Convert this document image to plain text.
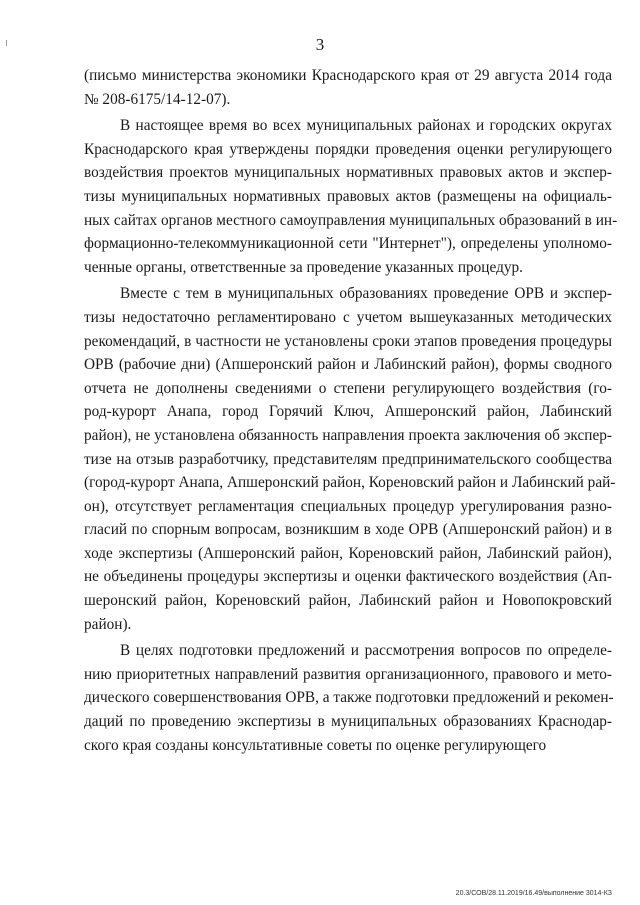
3
(письмо министерства экономики Краснодарского края от 29 августа 2014 года
№ 208-6175/14-12-07).
В настоящее время во всех муниципальных районах и городских округах
Краснодарского края утверждены порядки проведения оценки регулирующего
воздействия проектов муниципальных нормативных правовых актов и экспер-
тизы муниципальных нормативных правовых актов (размещены на официаль-
ных сайтах органов местного самоуправления муниципальных образований в ин-
формационно-телекоммуникационной сети "Интернет"), определены уполномо-
ченные органы, ответственные за проведение указанных процедур.
Вместе с тем в муниципальных образованиях проведение ОРВ и экспер-
тизы недостаточно регламентировано с учетом вышеуказанных методических
рекомендаций, в частности не установлены сроки этапов проведения процедуры
ОРВ (рабочие дни) (Апшеронский район и Лабинский район), формы сводного
отчета не дополнены сведениями о степени регулирующего воздействия (го-
род-курорт Анапа, город Горячий Ключ, Апшеронский район, Лабинский
район), не установлена обязанность направления проекта заключения об экспер-
тизе на отзыв разработчику, представителям предпринимательского сообщества
(город-курорт Анапа, Апшеронский район, Кореновский район и Лабинский рай-
он), отсутствует регламентация специальных процедур урегулирования разно-
гласий по спорным вопросам, возникшим в ходе ОРВ (Апшеронский район) и в
ходе экспертизы (Апшеронский район, Кореновский район, Лабинский район),
не объединены процедуры экспертизы и оценки фактического воздействия (Ап-
шеронский район, Кореновский район, Лабинский район и Новопокровский
район).
В целях подготовки предложений и рассмотрения вопросов по определе-
нию приоритетных направлений развития организационного, правового и мето-
дического совершенствования ОРВ, а также подготовки предложений и рекомен-
даций по проведению экспертизы в муниципальных образованиях Краснодар-
ского края созданы консультативные советы по оценке регулирующего
20.3/СОВ/28.11.2019/16.49/выполнение 3014-КЗ
